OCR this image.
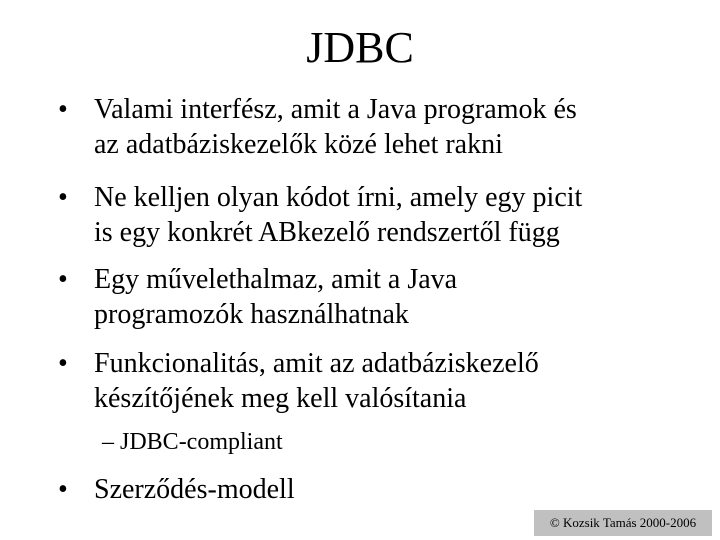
JDBC
• Valami interfész, amit a Java programok és
az adatbáziskezelők közé lehet rakni
• Ne kelljen olyan kódot írni, amely egy picit
is egy konkrét ABkezelő rendszertől függ
• Egy művelethalmaz, amit a Java
programozók használhatnak
• Funkcionalitás, amit az adatbáziskezelő
készítőjének meg kell valósítania
– JDBC-compliant
• Szerződés-modell
© Kozsik Tamás 2000-2006
